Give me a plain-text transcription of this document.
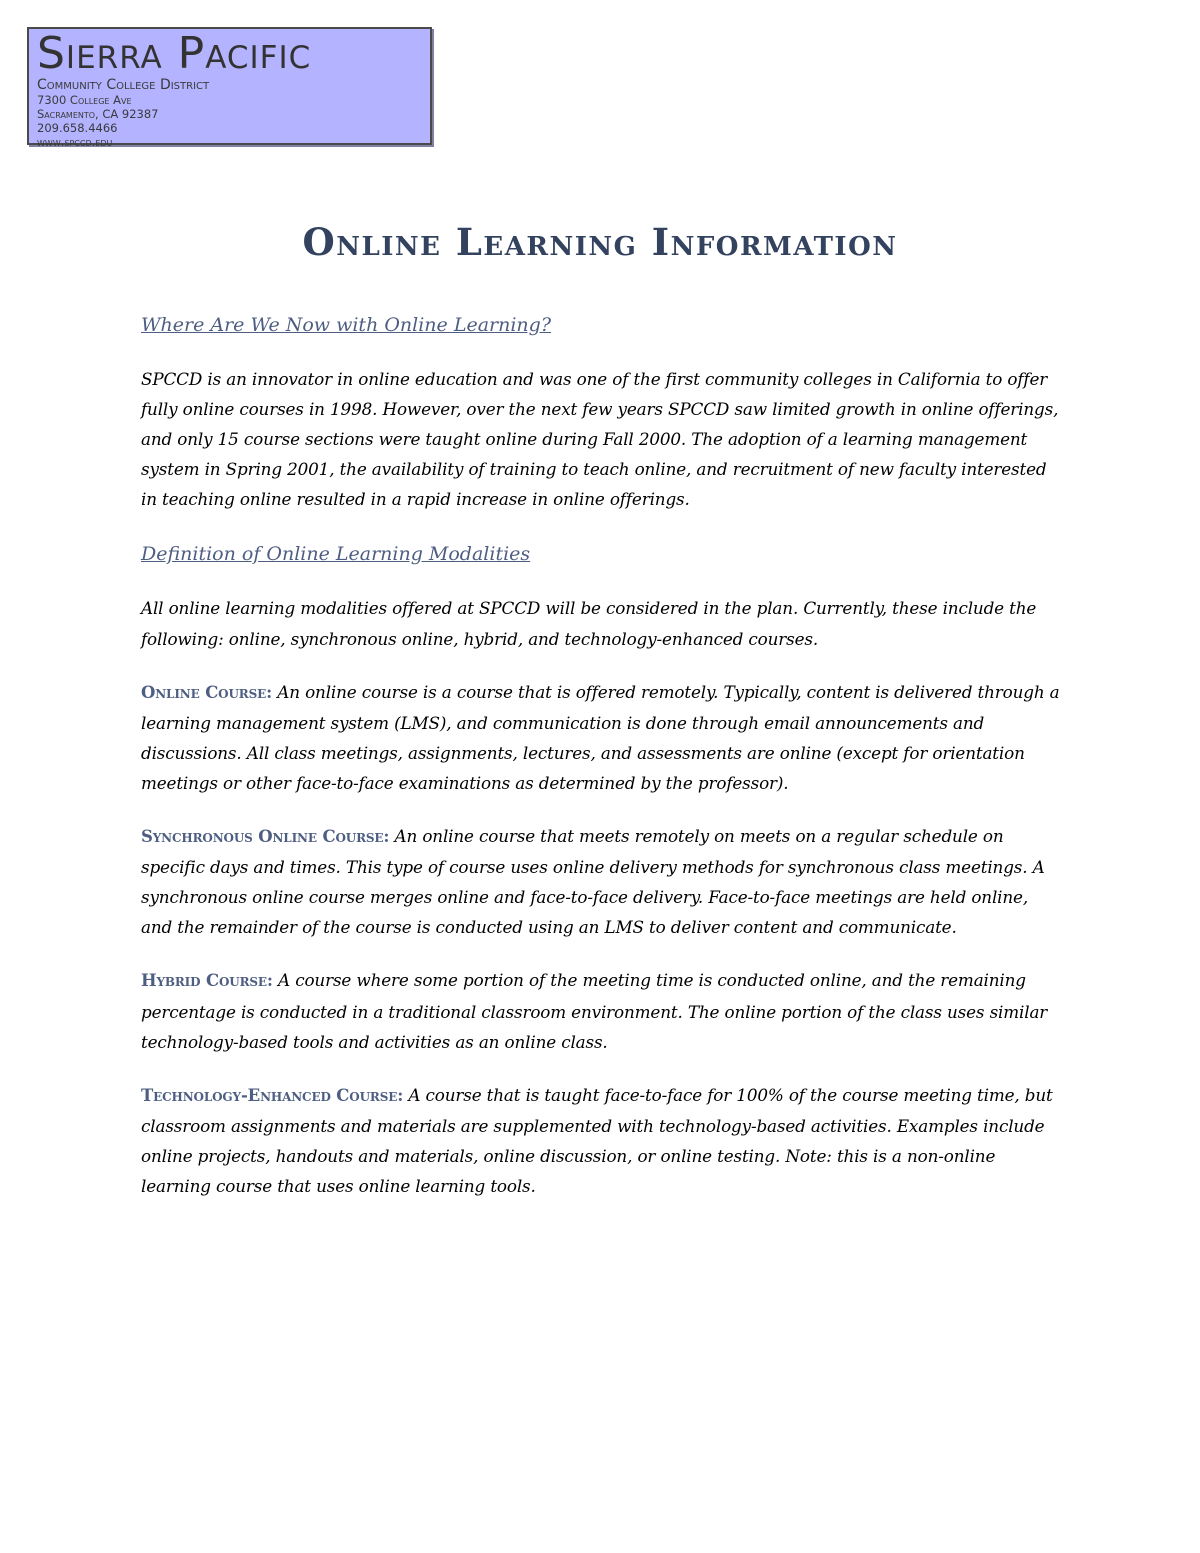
Sierra Pacific
Community College District
7300 College Ave
Sacramento, CA 92387
209.658.4466
www.spccd.edu
Online Learning Information

Where Are We Now with Online Learning?

SPCCD is an innovator in online education and was one of the first community colleges in California to offer fully online courses in 1998. However, over the next few years SPCCD saw limited growth in online offerings, and only 15 course sections were taught online during Fall 2000. The adoption of a learning management system in Spring 2001, the availability of training to teach online, and recruitment of new faculty interested in teaching online resulted in a rapid increase in online offerings.

Definition of Online Learning Modalities

All online learning modalities offered at SPCCD will be considered in the plan. Currently, these include the following: online, synchronous online, hybrid, and technology-enhanced courses.

Online Course: An online course is a course that is offered remotely. Typically, content is delivered through a learning management system (LMS), and communication is done through email announcements and discussions. All class meetings, assignments, lectures, and assessments are online (except for orientation meetings or other face-to-face examinations as determined by the professor).

Synchronous Online Course: An online course that meets remotely on meets on a regular schedule on specific days and times. This type of course uses online delivery methods for synchronous class meetings. A synchronous online course merges online and face-to-face delivery. Face-to-face meetings are held online, and the remainder of the course is conducted using an LMS to deliver content and communicate.

Hybrid Course: A course where some portion of the meeting time is conducted online, and the remaining percentage is conducted in a traditional classroom environment. The online portion of the class uses similar technology-based tools and activities as an online class.

Technology-Enhanced Course: A course that is taught face-to-face for 100% of the course meeting time, but classroom assignments and materials are supplemented with technology-based activities. Examples include online projects, handouts and materials, online discussion, or online testing. Note: this is a non-online learning course that uses online learning tools.
